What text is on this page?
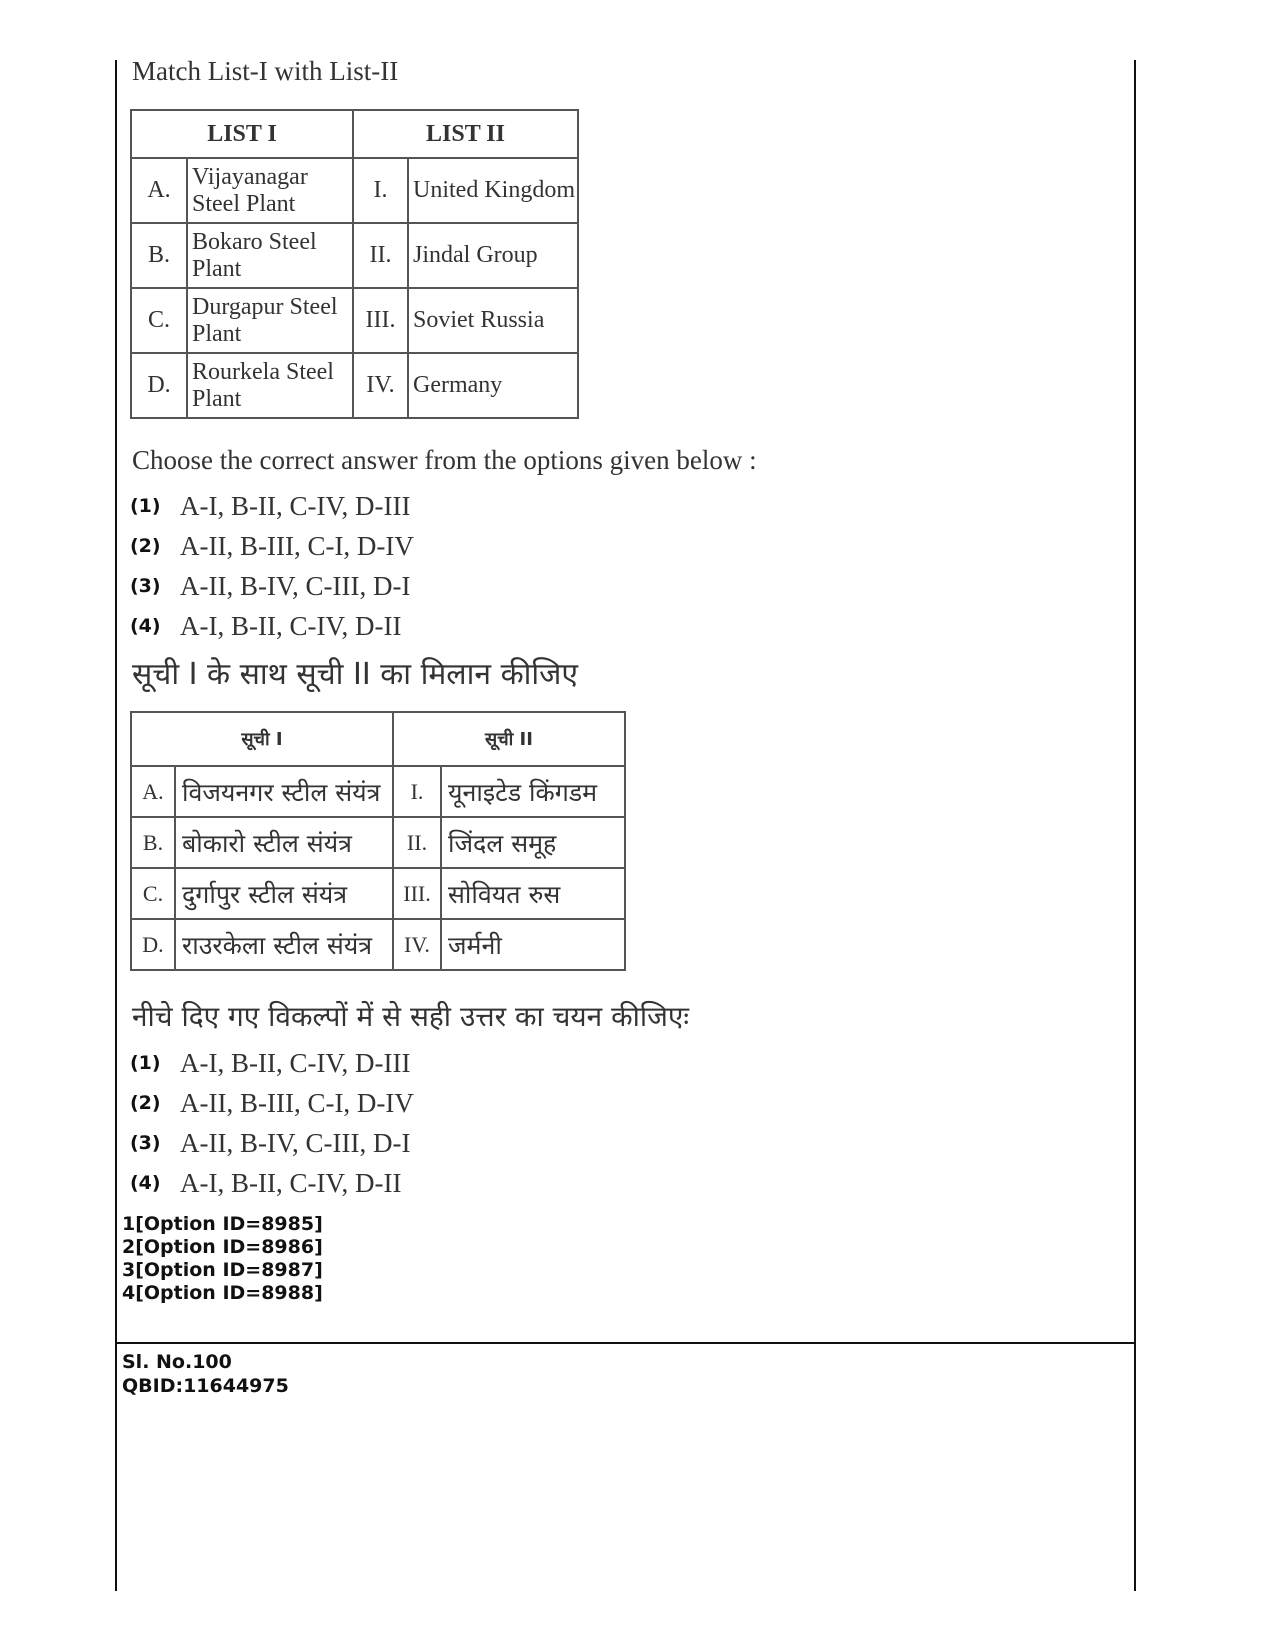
Match List-I with List-II
LIST I		LIST II	
A.	Vijayanagar Steel Plant	I.	United Kingdom
B.	Bokaro Steel Plant	II.	Jindal Group
C.	Durgapur Steel Plant	III.	Soviet Russia
D.	Rourkela Steel Plant	IV.	Germany
Choose the correct answer from the options given below :
(1) A-I, B-II, C-IV, D-III
(2) A-II, B-III, C-I, D-IV
(3) A-II, B-IV, C-III, D-I
(4) A-I, B-II, C-IV, D-II
सूची I के साथ सूची II का मिलान कीजिए
सूची I		सूची II	
A.	विजयनगर स्टील संयंत्र	I.	यूनाइटेड किंगडम
B.	बोकारो स्टील संयंत्र	II.	जिंदल समूह
C.	दुर्गापुर स्टील संयंत्र	III.	सोवियत रुस
D.	राउरकेला स्टील संयंत्र	IV.	जर्मनी
नीचे दिए गए विकल्पों में से सही उत्तर का चयन कीजिएः
(1) A-I, B-II, C-IV, D-III
(2) A-II, B-III, C-I, D-IV
(3) A-II, B-IV, C-III, D-I
(4) A-I, B-II, C-IV, D-II
1[Option ID=8985]
2[Option ID=8986]
3[Option ID=8987]
4[Option ID=8988]
Sl. No.100
QBID:11644975
